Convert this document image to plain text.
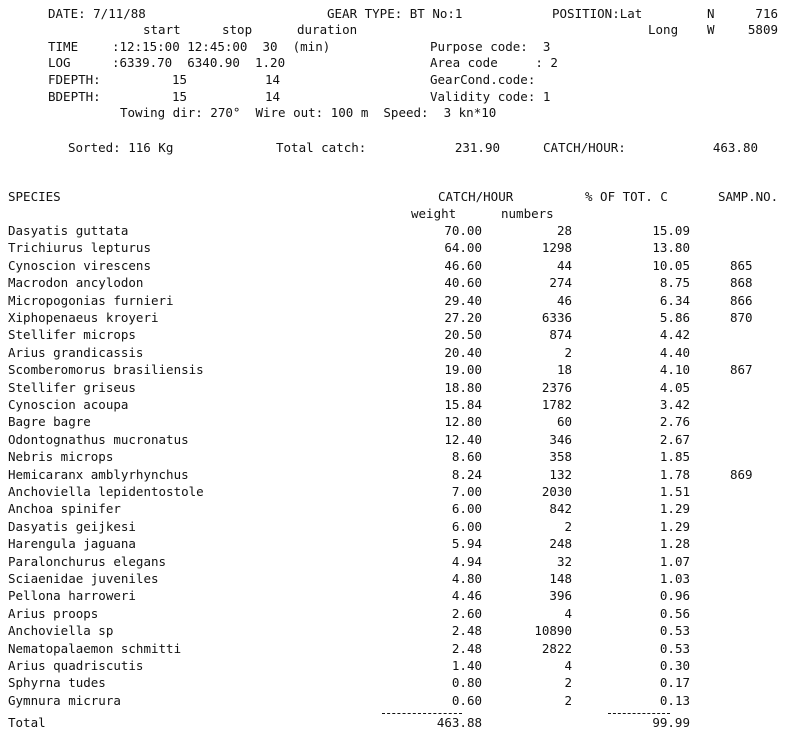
DATE: 7/11/88	GEAR TYPE: BT No:1	POSITION:Lat	N	716
start	stop	duration	Long W	5809
TIME	:12:15:00 12:45:00  30  (min)	Purpose code:  3
LOG	:6339.70  6340.90  1.20	Area code     : 2
FDEPTH:	15	14	GearCond.code:
BDEPTH:	15	14	Validity code: 1
Towing dir: 270°  Wire out: 100 m  Speed:  3 kn*10
Sorted: 116 Kg	Total catch:	231.90	CATCH/HOUR:	463.80
SPECIES	CATCH/HOUR	% OF TOT. C	SAMP.NO.
weight	numbers
Dasyatis guttata	70.00	28	15.09
Trichiurus lepturus	64.00	1298	13.80
Cynoscion virescens	46.60	44	10.05	865
Macrodon ancylodon	40.60	274	8.75	868
Micropogonias furnieri	29.40	46	6.34	866
Xiphopenaeus kroyeri	27.20	6336	5.86	870
Stellifer microps	20.50	874	4.42
Arius grandicassis	20.40	2	4.40
Scomberomorus brasiliensis	19.00	18	4.10	867
Stellifer griseus	18.80	2376	4.05
Cynoscion acoupa	15.84	1782	3.42
Bagre bagre	12.80	60	2.76
Odontognathus mucronatus	12.40	346	2.67
Nebris microps	8.60	358	1.85
Hemicaranx amblyrhynchus	8.24	132	1.78	869
Anchoviella lepidentostole	7.00	2030	1.51
Anchoa spinifer	6.00	842	1.29
Dasyatis geijkesi	6.00	2	1.29
Harengula jaguana	5.94	248	1.28
Paralonchurus elegans	4.94	32	1.07
Sciaenidae juveniles	4.80	148	1.03
Pellona harroweri	4.46	396	0.96
Arius proops	2.60	4	0.56
Anchoviella sp	2.48	10890	0.53
Nematopalaemon schmitti	2.48	2822	0.53
Arius quadriscutis	1.40	4	0.30
Sphyrna tudes	0.80	2	0.17
Gymnura micrura	0.60	2	0.13
Total	463.88	99.99
